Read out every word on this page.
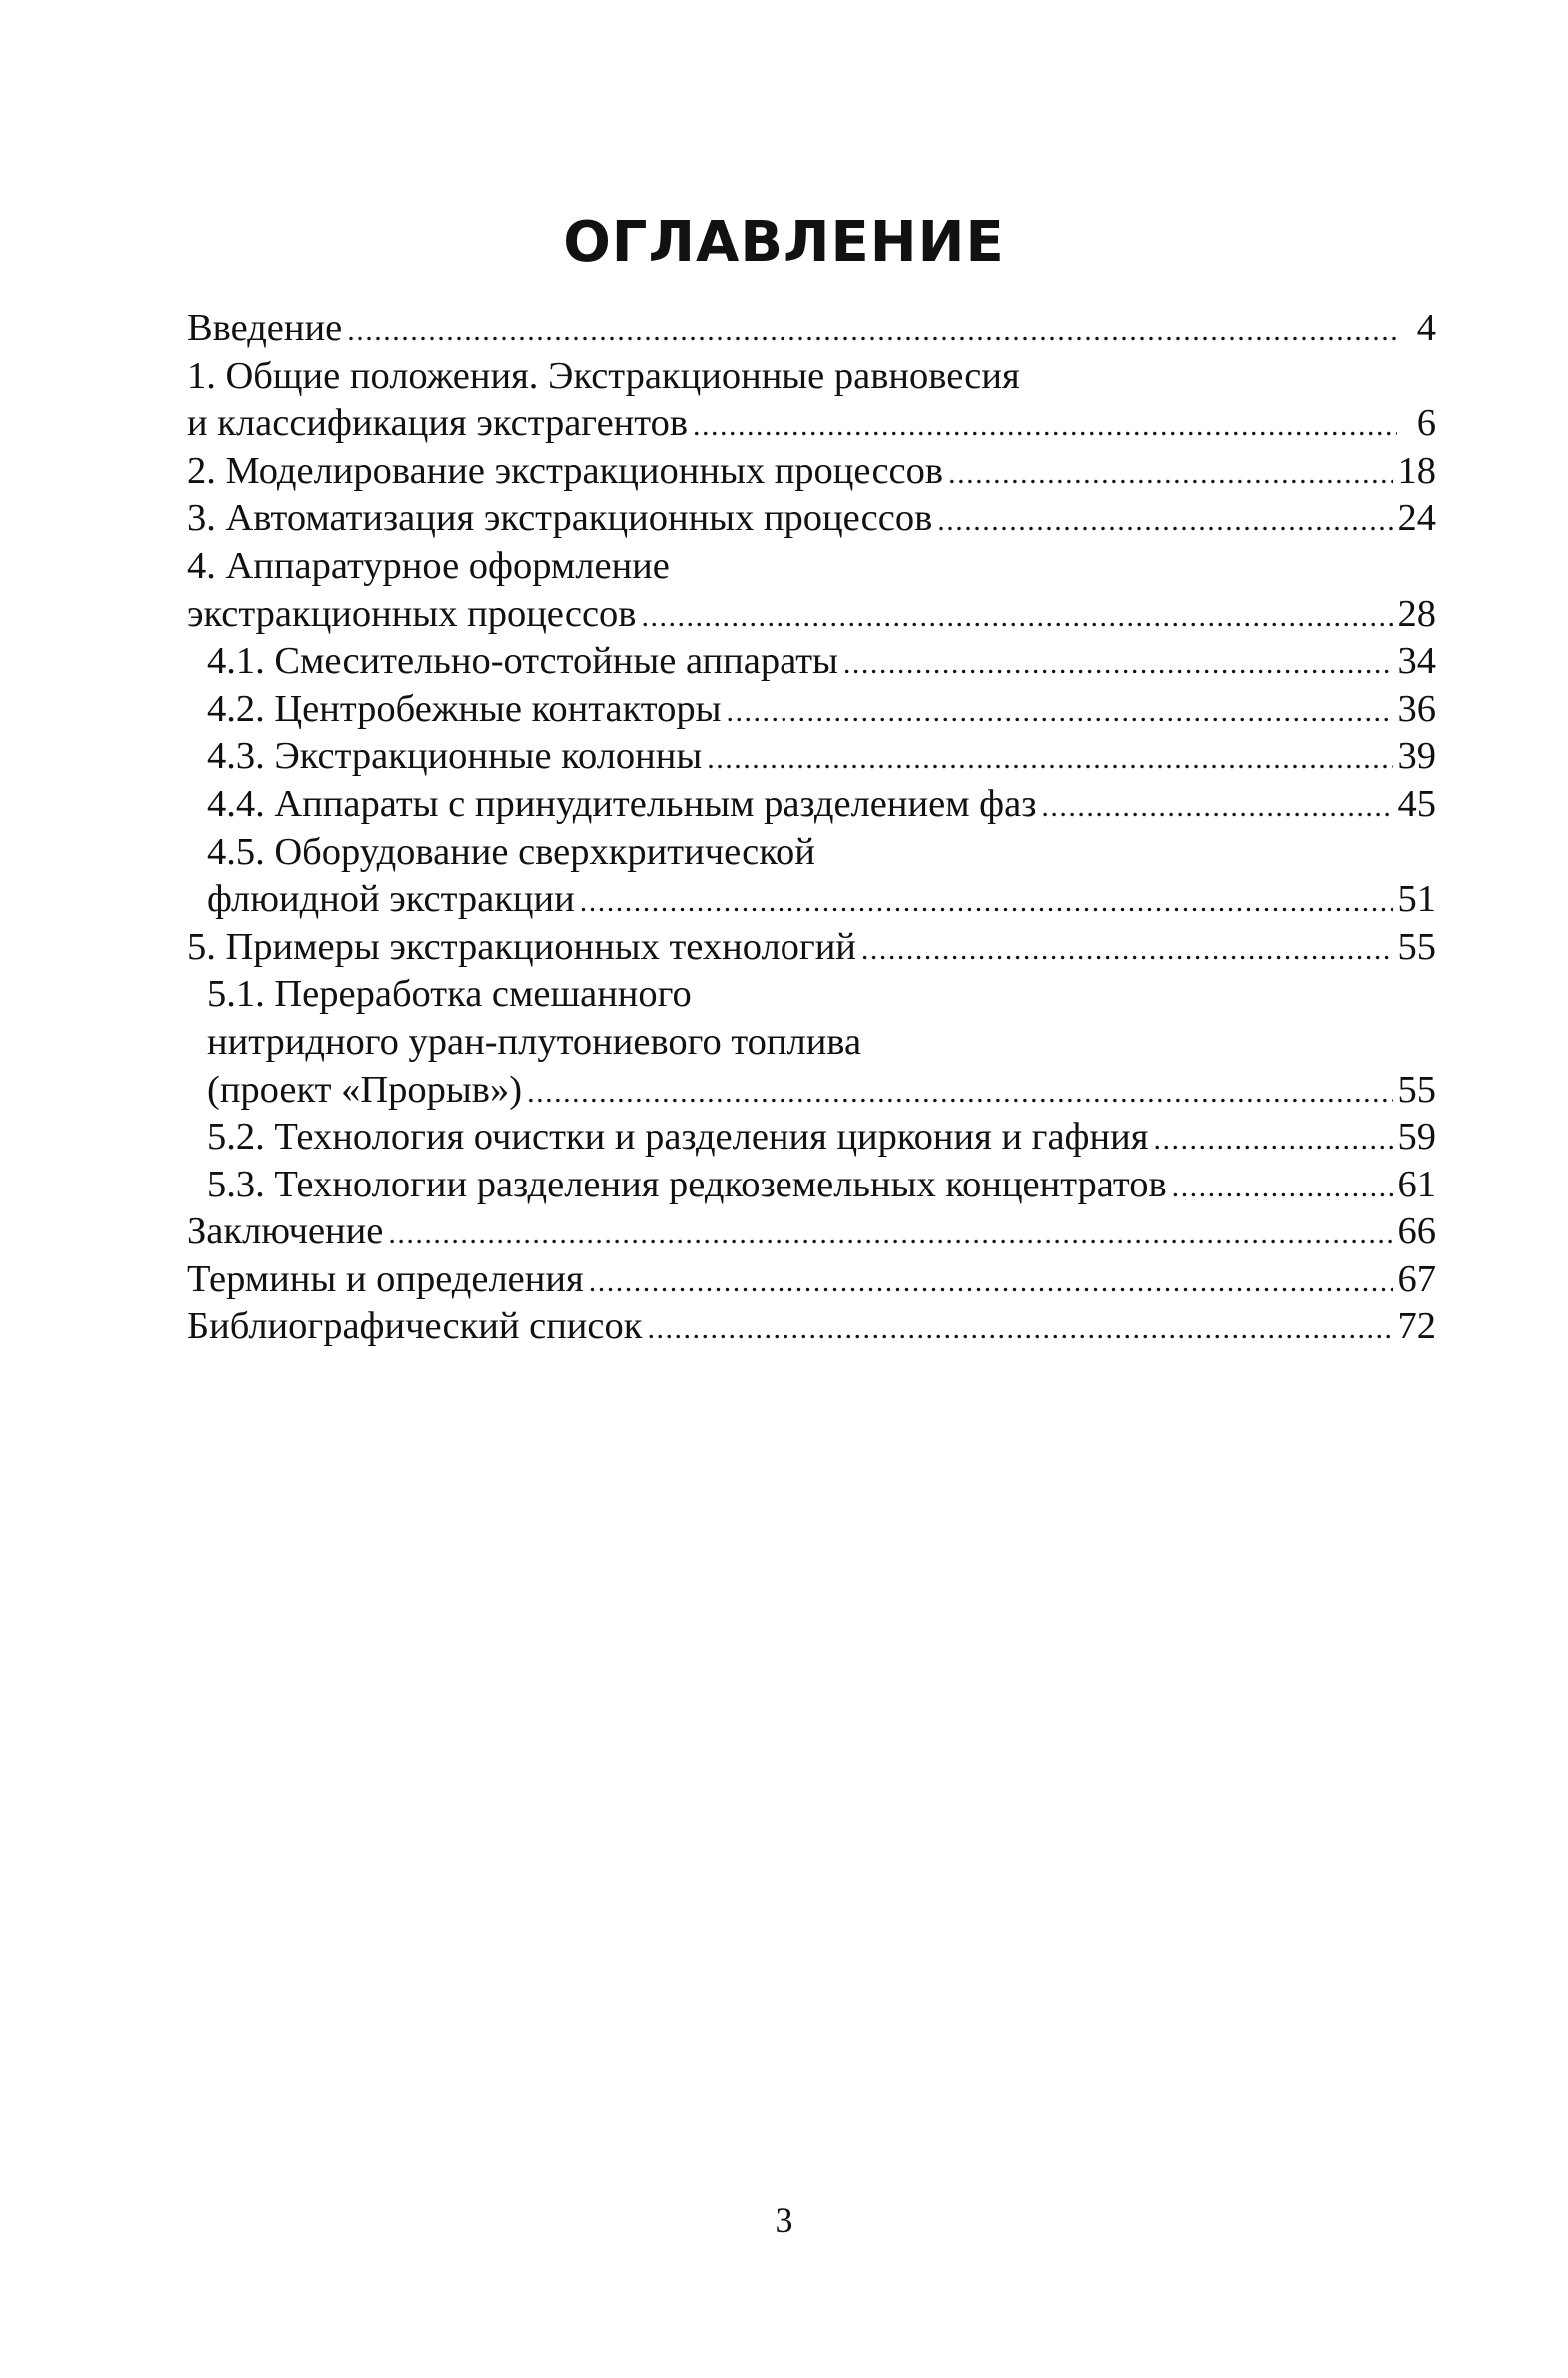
ОГЛАВЛЕНИЕ
Введение . . .	4
1. Общие положения. Экстракционные равновесия
и классификация экстрагентов . . .	6
2. Моделирование экстракционных процессов . . .	18
3. Автоматизация экстракционных процессов . . .	24
4. Аппаратурное оформление
экстракционных процессов . . .	28
4.1. Смесительно-отстойные аппараты . . .	34
4.2. Центробежные контакторы . . .	36
4.3. Экстракционные колонны . . .	39
4.4. Аппараты с принудительным разделением фаз . . .	45
4.5. Оборудование сверхкритической
флюидной экстракции . . .	51
5. Примеры экстракционных технологий . . .	55
5.1. Переработка смешанного
нитридного уран-плутониевого топлива
(проект «Прорыв») . . .	55
5.2. Технология очистки и разделения циркония и гафния . . .	59
5.3. Технологии разделения редкоземельных концентратов . . .	61
Заключение . . .	66
Термины и определения . . .	67
Библиографический список . . .	72
3
